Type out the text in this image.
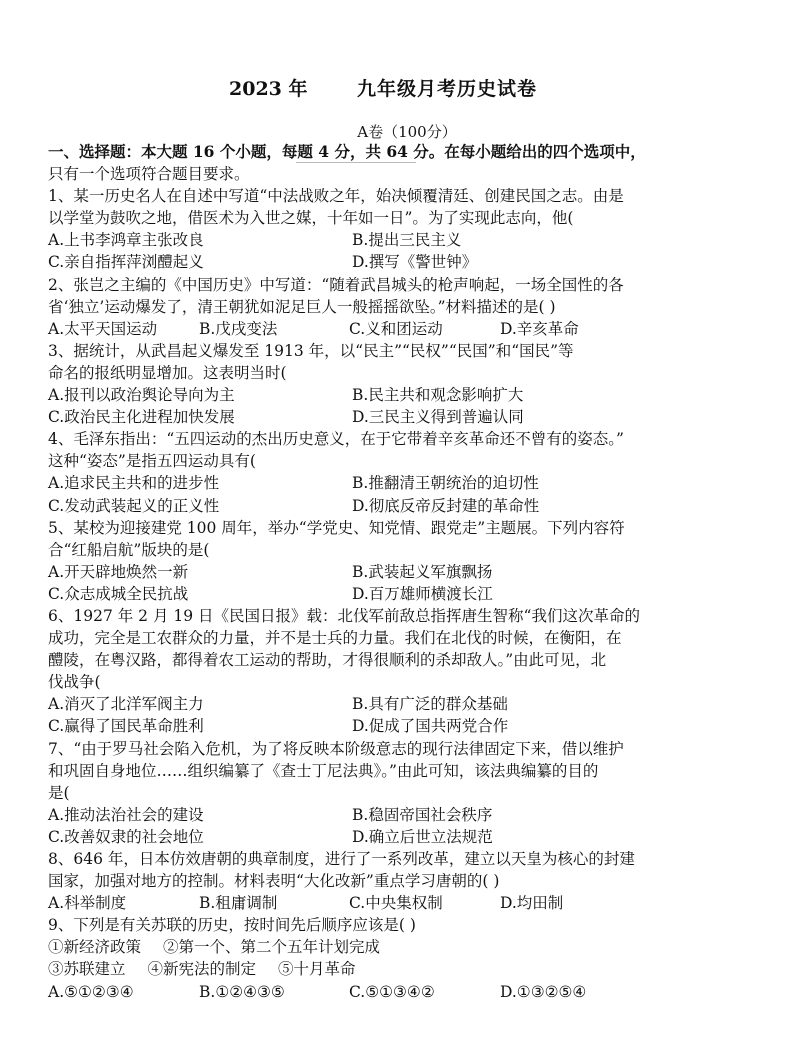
2023 年	九年级月考历史试卷
A卷（100分）
一、选择题：本大题 16 个小题，每题 4 分，共 64 分。在每小题给出的四个选项中，
只有一个选项符合题目要求。
1、某一历史名人在自述中写道“中法战败之年，始决倾覆清廷、创建民国之志。由是
以学堂为鼓吹之地，借医术为入世之媒，十年如一日”。为了实现此志向，他(
A.上书李鸿章主张改良	B.提出三民主义
C.亲自指挥萍浏醴起义	D.撰写《警世钟》
2、张岂之主编的《中国历史》中写道：“随着武昌城头的枪声响起，一场全国性的各
省‘独立’运动爆发了，清王朝犹如泥足巨人一般摇摇欲坠。”材料描述的是( )
A.太平天国运动	B.戊戌变法	C.义和团运动	D.辛亥革命
3、据统计，从武昌起义爆发至 1913 年，以“民主”“民权”“民国”和“国民”等
命名的报纸明显增加。这表明当时(
A.报刊以政治舆论导向为主	B.民主共和观念影响扩大
C.政治民主化进程加快发展	D.三民主义得到普遍认同
4、毛泽东指出：“五四运动的杰出历史意义，在于它带着辛亥革命还不曾有的姿态。”
这种“姿态”是指五四运动具有(
A.追求民主共和的进步性	B.推翻清王朝统治的迫切性
C.发动武装起义的正义性	D.彻底反帝反封建的革命性
5、某校为迎接建党 100 周年，举办“学党史、知党情、跟党走”主题展。下列内容符
合“红船启航”版块的是(
A.开天辟地焕然一新	B.武装起义军旗飘扬
C.众志成城全民抗战	D.百万雄师横渡长江
6、1927 年 2 月 19 日《民国日报》载：北伐军前敌总指挥唐生智称“我们这次革命的
成功，完全是工农群众的力量，并不是士兵的力量。我们在北伐的时候，在衡阳，在
醴陵，在粤汉路，都得着农工运动的帮助，才得很顺利的杀却敌人。”由此可见，北
伐战争(
A.消灭了北洋军阀主力	B.具有广泛的群众基础
C.赢得了国民革命胜利	D.促成了国共两党合作
7、“由于罗马社会陷入危机，为了将反映本阶级意志的现行法律固定下来，借以维护
和巩固自身地位……组织编纂了《查士丁尼法典》。”由此可知，该法典编纂的目的
是(
A.推动法治社会的建设	B.稳固帝国社会秩序
C.改善奴隶的社会地位	D.确立后世立法规范
8、646 年，日本仿效唐朝的典章制度，进行了一系列改革，建立以天皇为核心的封建
国家，加强对地方的控制。材料表明“大化改新”重点学习唐朝的( )
A.科举制度	B.租庸调制	C.中央集权制	D.均田制
9、下列是有关苏联的历史，按时间先后顺序应该是( )
①新经济政策 ②第一个、第二个五年计划完成
③苏联建立 ④新宪法的制定 ⑤十月革命
A.⑤①②③④	B.①②④③⑤	C.⑤①③④②	D.①③②⑤④
